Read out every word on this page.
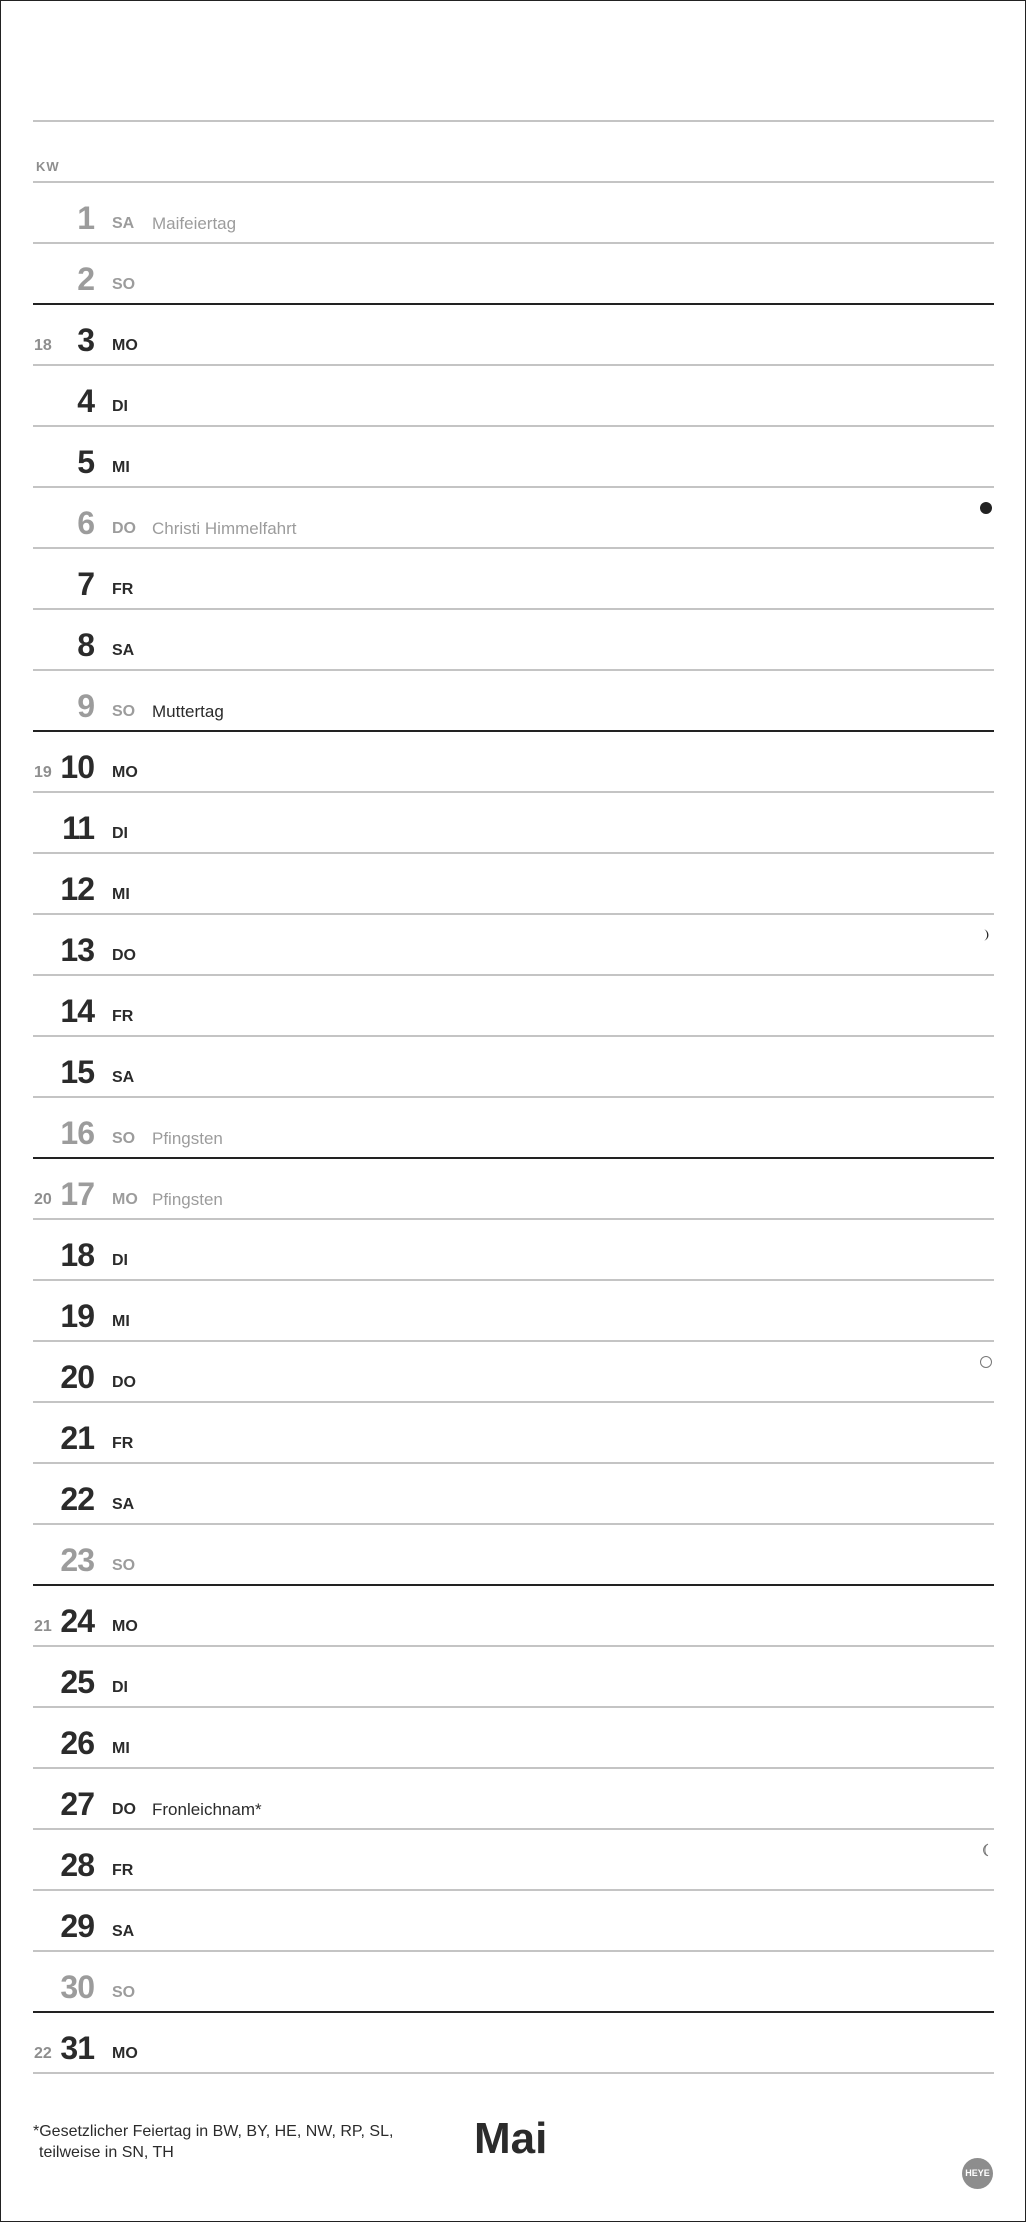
KW
1 SA Maifeiertag
2 SO
18 3 MO
4 DI
5 MI
6 DO Christi Himmelfahrt
7 FR
8 SA
9 SO Muttertag
19 10 MO
11 DI
12 MI
13 DO
14 FR
15 SA
16 SO Pfingsten
20 17 MO Pfingsten
18 DI
19 MI
20 DO
21 FR
22 SA
23 SO
21 24 MO
25 DI
26 MI
27 DO Fronleichnam*
28 FR
29 SA
30 SO
22 31 MO
*Gesetzlicher Feiertag in BW, BY, HE, NW, RP, SL,
teilweise in SN, TH	Mai
HEYE
